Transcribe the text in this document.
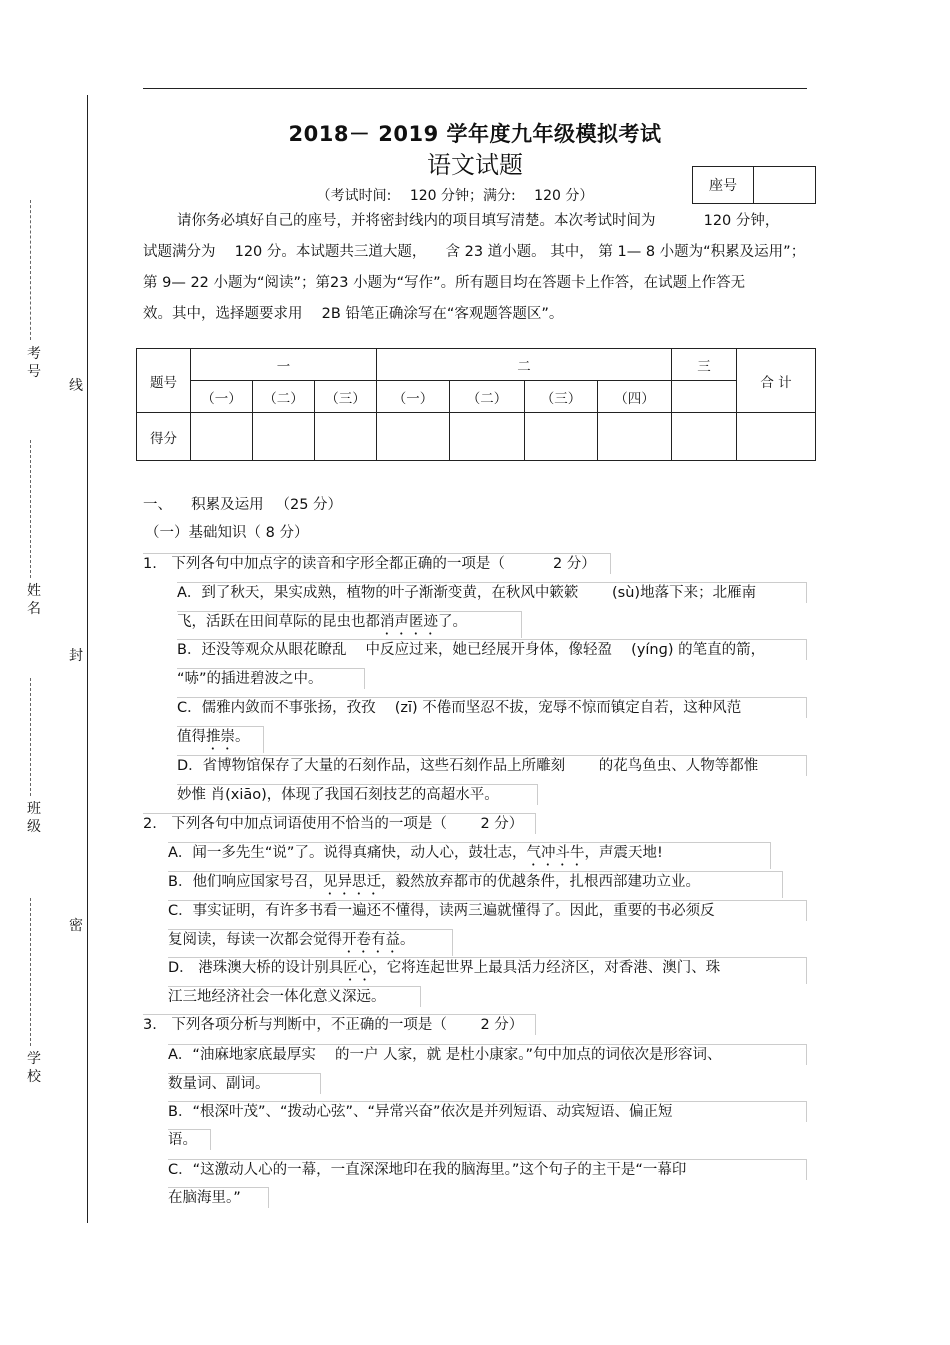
考号
姓名
班级
学校
线
封
密
2018－ 2019 学年度九年级模拟考试
语文试题
（考试时间: 　120 分钟；满分: 　120 分）
座号

请你务必填好自己的座号，并将密封线内的项目填写清楚。本次考试时间为 　　　120 分钟，

试题满分为 　120 分。本试题共三道大题， 　含 23 道小题。 其中， 第 1— 8 小题为“积累及运用”；

第 9— 22 小题为“阅读”；第23 小题为“写作”。所有题目均在答题卡上作答，在试题上作答无

效。其中，选择题要求用 　2B 铅笔正确涂写在“客观题答题区”。

题号	一			二				三	合 计
	（一）	（二）	（三）	（一）	（二）	（三）	（四）		
得分									
一、 　积累及运用 　（25 分）
（一）基础知识（ 8 分）
1.　下列各句中加点字的读音和字形全都正确的一项是（ 　　　2 分）
A．到了秋天，果实成熟，植物的叶子渐渐变黄，在秋风中簌簌 　　(sù)地落下来；北雁南
飞，活跃在田间草际的昆虫也都消声匿迹了。
B．还没等观众从眼花瞭乱 　中反应过来，她已经展开身体，像轻盈 　(yínɡ) 的笔直的箭，
“哧”的插进碧波之中。
C．儒雅内敛而不事张扬，孜孜 　(zī) 不倦而坚忍不拔，宠辱不惊而镇定自若，这种风范
值得推崇。
D．省博物馆保存了大量的石刻作品，这些石刻作品上所雕刻 　　的花鸟鱼虫、人物等都惟
妙惟 肖(xiāo)，体现了我国石刻技艺的高超水平。
2.　下列各句中加点词语使用不恰当的一项是（ 　　2 分）
A．闻一多先生“说”了。说得真痛快，动人心，鼓壮志，气冲斗牛，声震天地!
B．他们响应国家号召，见异思迁，毅然放弃都市的优越条件，扎根西部建功立业。
C．事实证明，有许多书看一遍还不懂得，读两三遍就懂得了。因此，重要的书必须反
复阅读，每读一次都会觉得开卷有益。
D． 港珠澳大桥的设计别具匠心，它将连起世界上最具活力经济区，对香港、澳门、珠
江三地经济社会一体化意义深远。
3.　下列各项分析与判断中，不正确的一项是（ 　　2 分）
A．“油麻地家底最厚实 　的一户 人家，就 是杜小康家。”句中加点的词依次是形容词、
数量词、副词。
B．“根深叶茂”、“拨动心弦”、“异常兴奋”依次是并列短语、动宾短语、偏正短
语。
C．“这激动人心的一幕，一直深深地印在我的脑海里。”这个句子的主干是“一幕印
在脑海里。”
